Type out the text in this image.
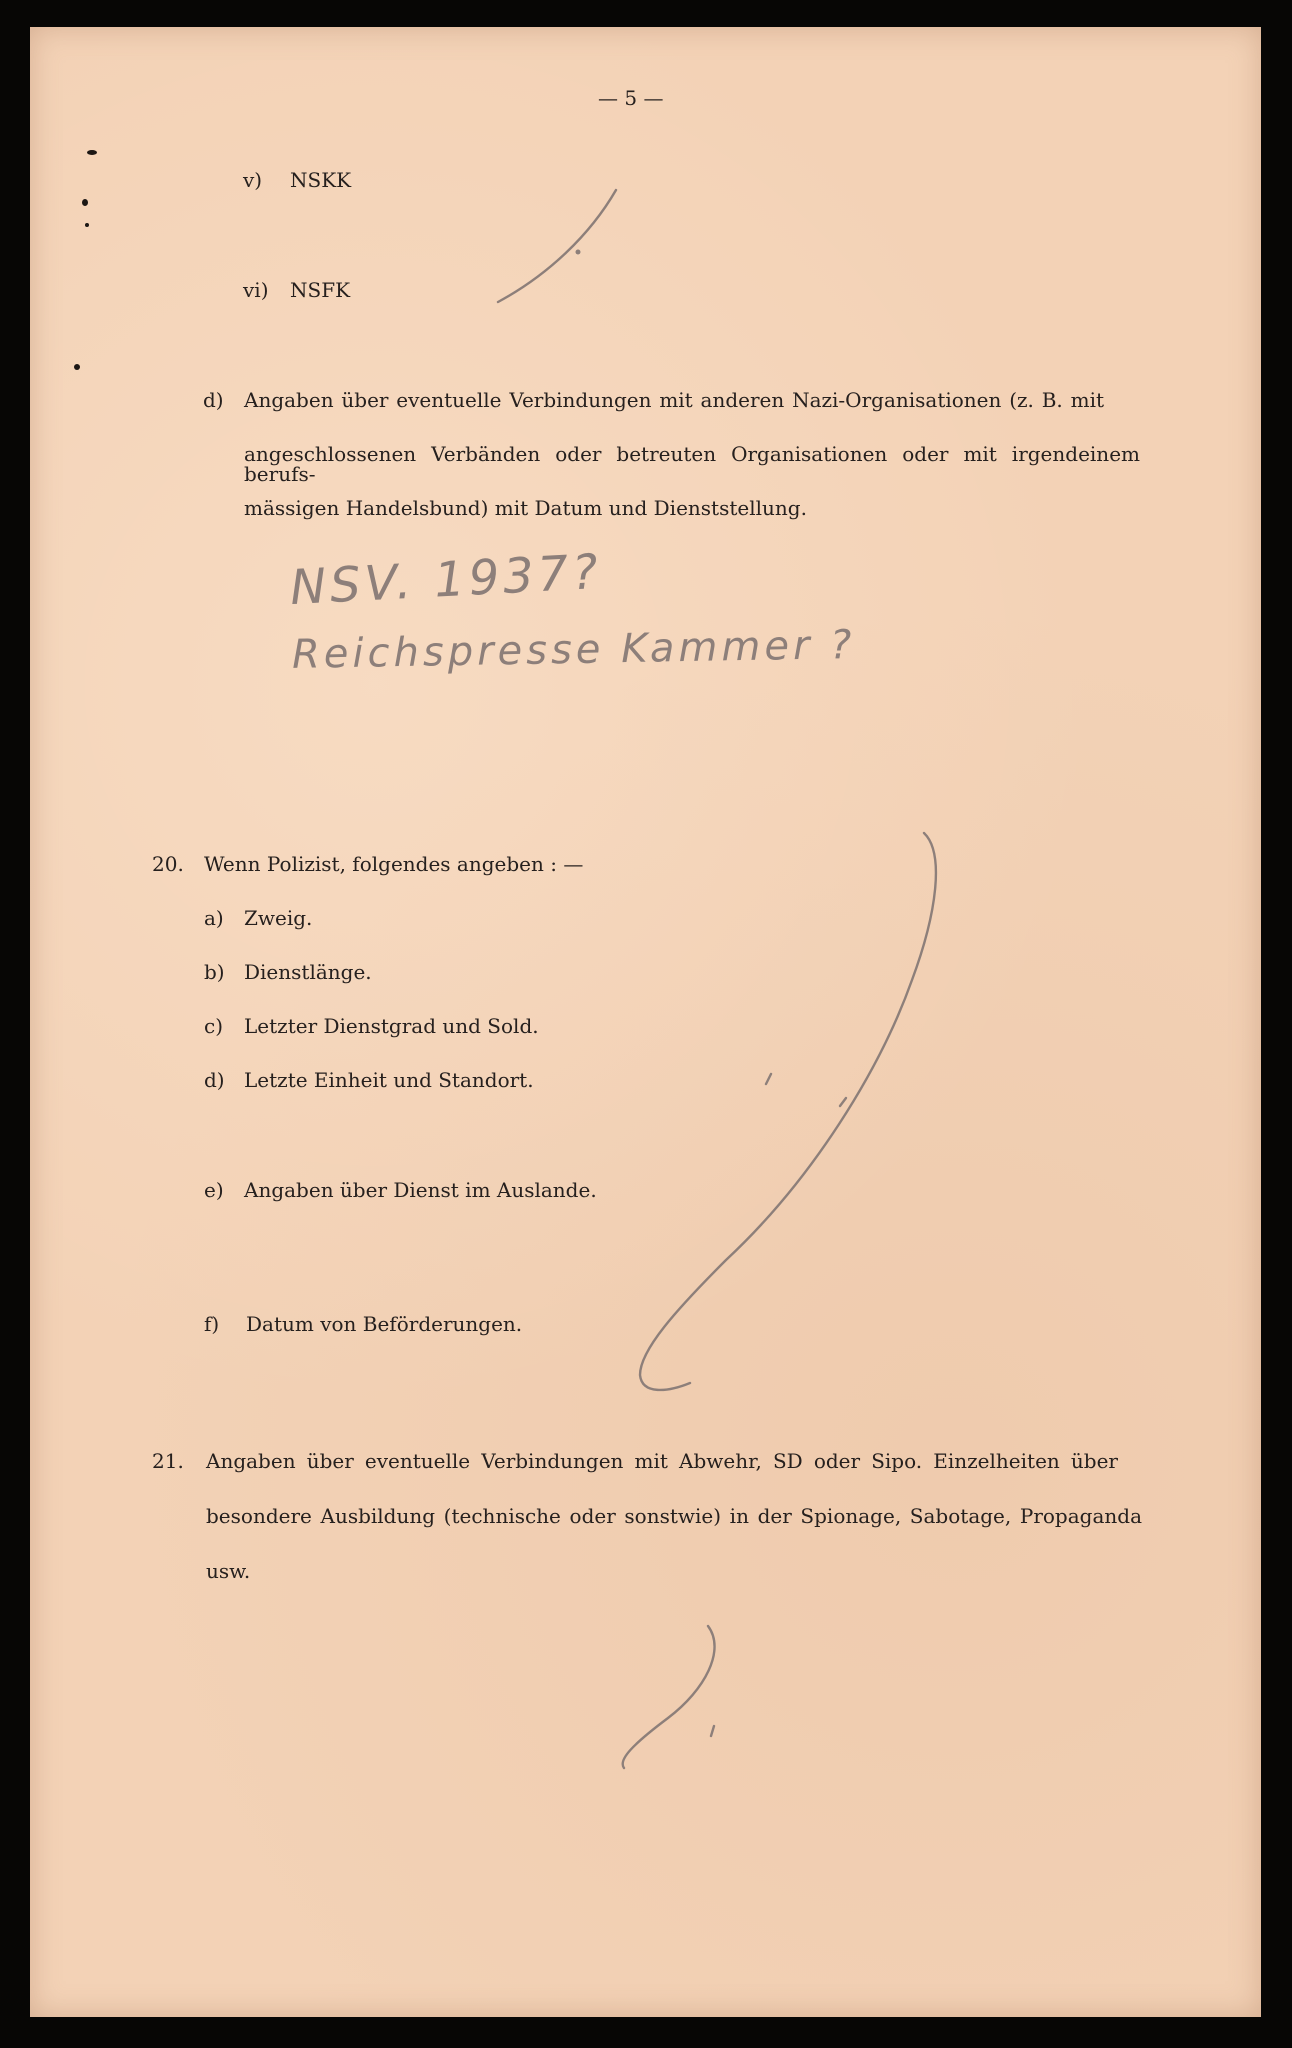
— 5 —

v) NSKK

vi) NSFK

d) Angaben über eventuelle Verbindungen mit anderen Nazi-Organisationen (z. B. mit

angeschlossenen Verbänden oder betreuten Organisationen oder mit irgendeinem berufs-

mässigen Handelsbund) mit Datum und Dienststellung.

NSV. 1937?

Reichspresse Kammer ?

20. Wenn Polizist, folgendes angeben : —

a) Zweig.

b) Dienstlänge.

c) Letzter Dienstgrad und Sold.

d) Letzte Einheit und Standort.

e) Angaben über Dienst im Auslande.

f) Datum von Beförderungen.

21. Angaben über eventuelle Verbindungen mit Abwehr, SD oder Sipo. Einzelheiten über

besondere Ausbildung (technische oder sonstwie) in der Spionage, Sabotage, Propaganda

usw.
